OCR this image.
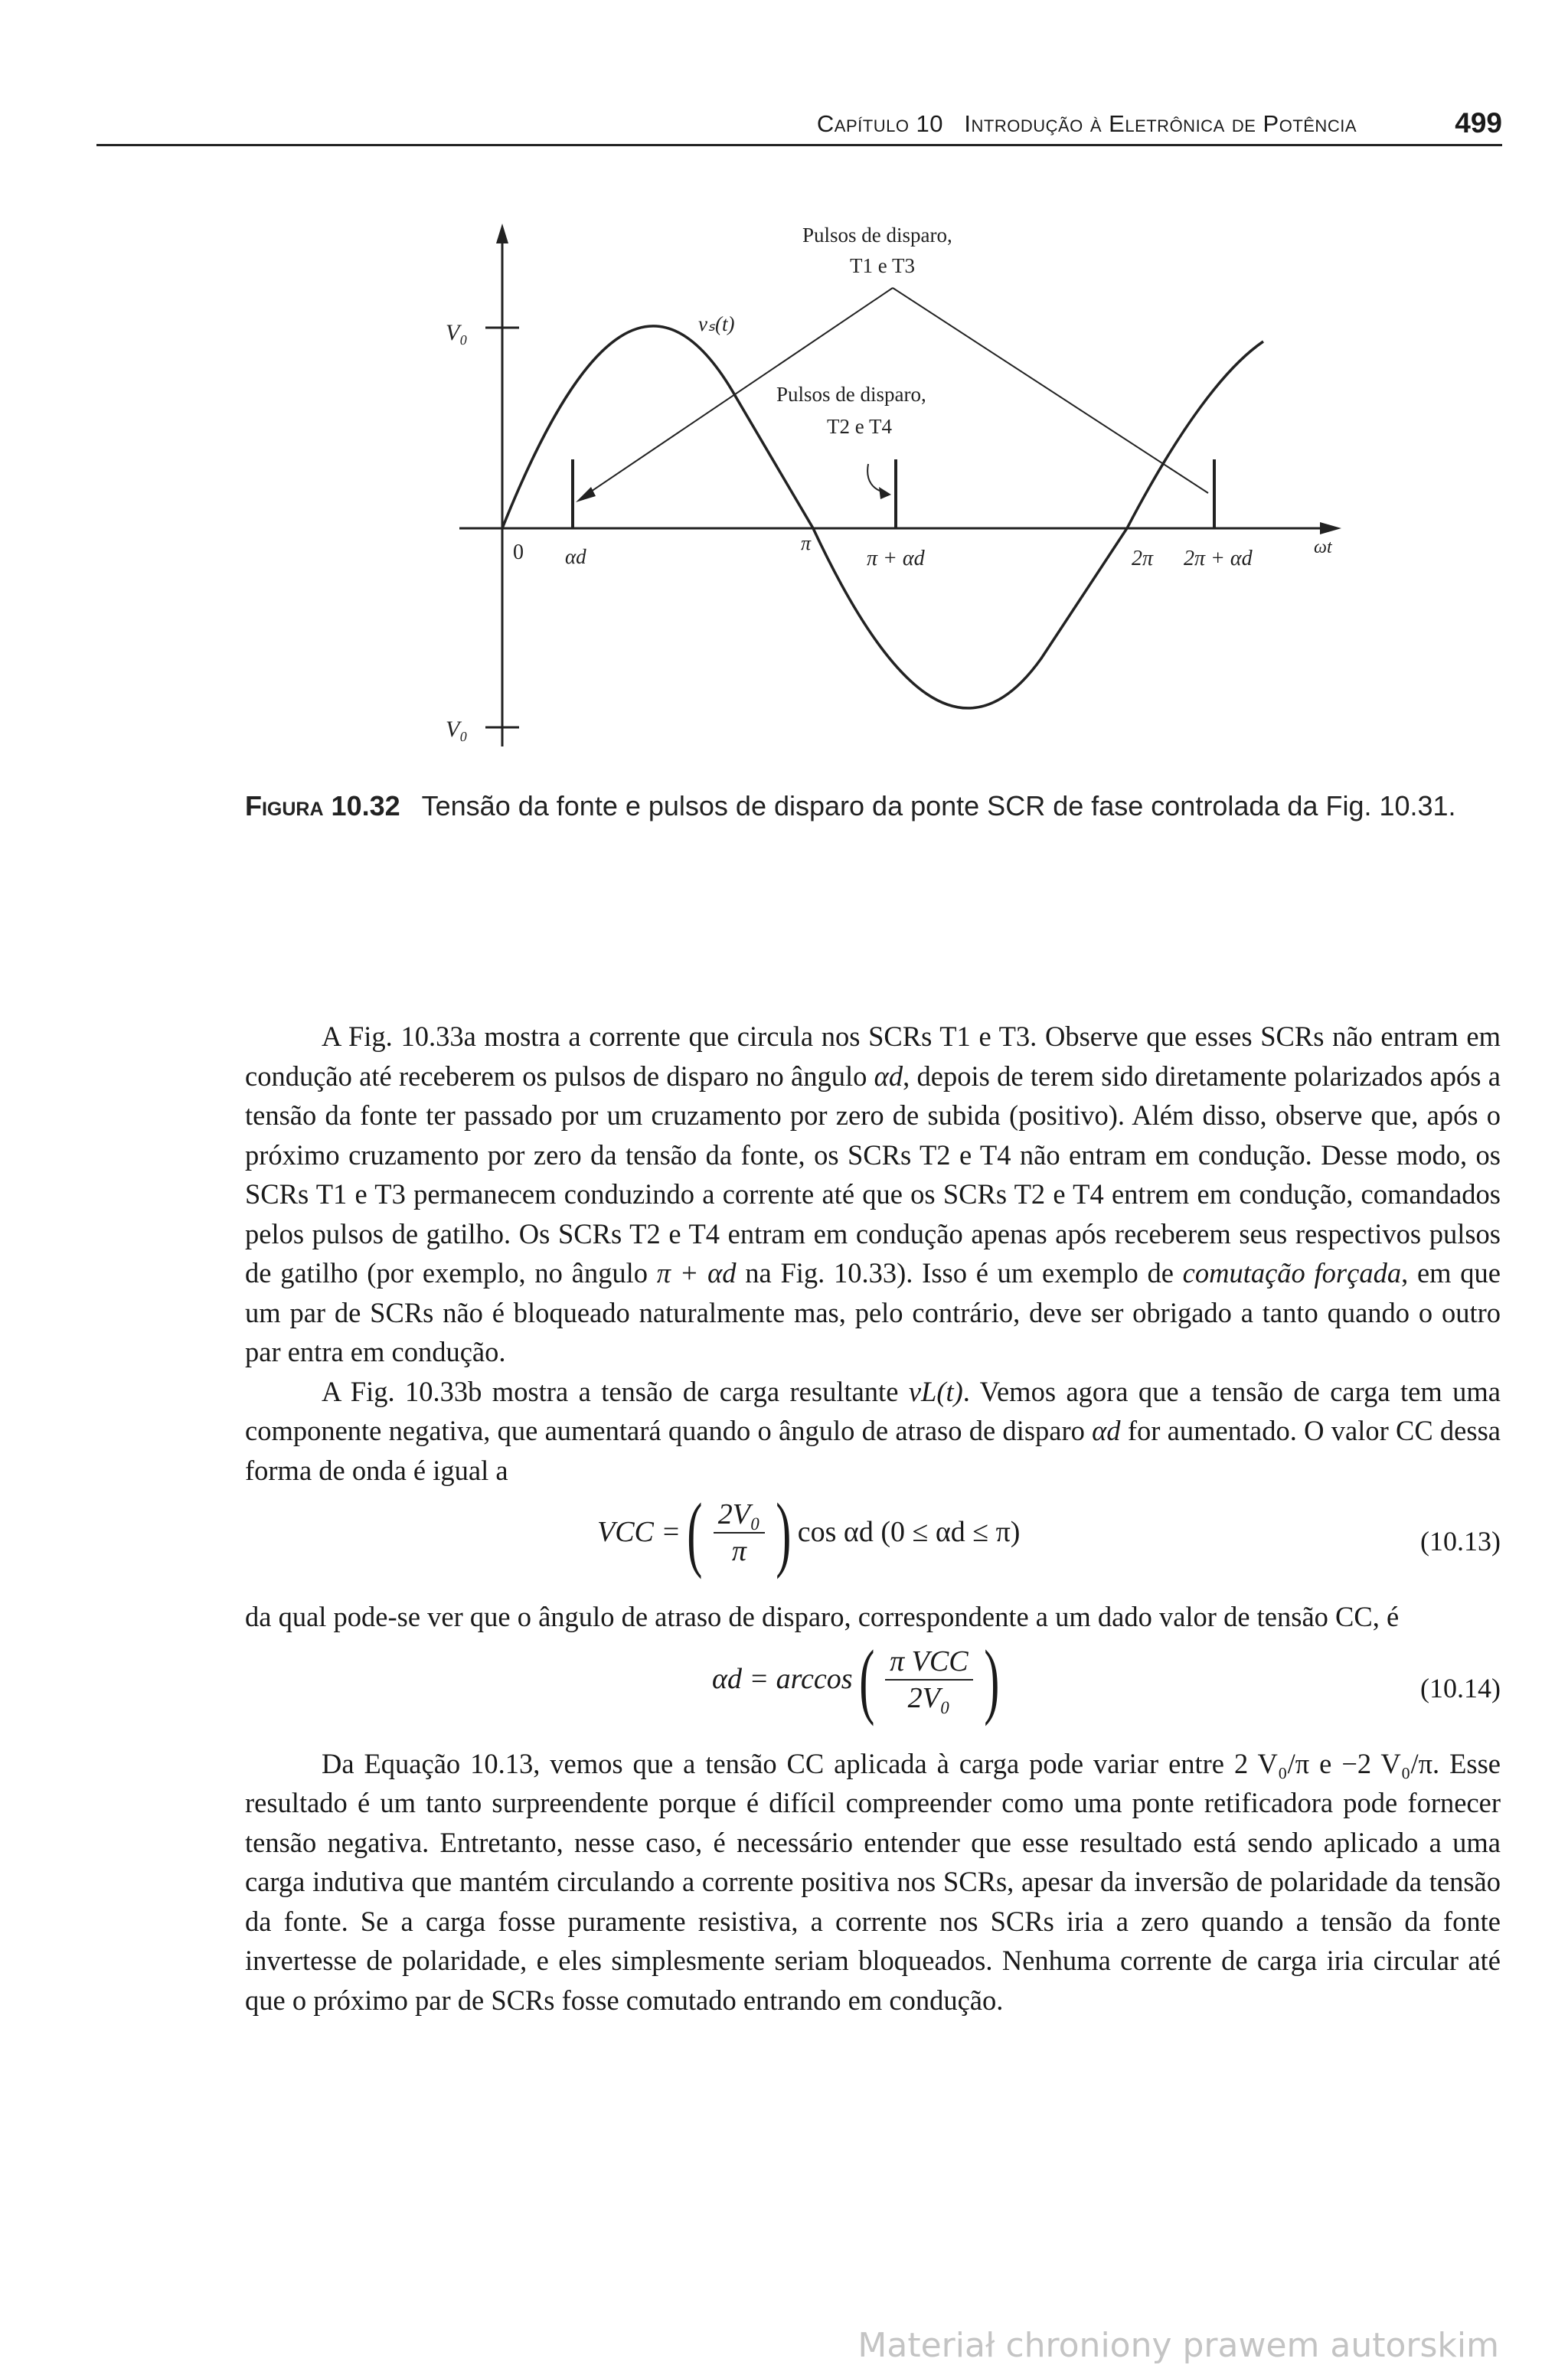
Capítulo 10 Introdução à Eletrônica de Potência	499
V₀
V₀
vₛ(t)
Pulsos de disparo,
T1 e T3
Pulsos de disparo,
T2 e T4
0 αd
π
π + αd	2π 2π + αd	ωt
Figura 10.32 Tensão da fonte e pulsos de disparo da ponte SCR de fase controlada da Fig. 10.31.

A Fig. 10.33a mostra a corrente que circula nos SCRs T1 e T3. Observe que esses SCRs não entram em condução até receberem os pulsos de disparo no ângulo αd, depois de terem sido diretamente polarizados após a tensão da fonte ter passado por um cruzamento por zero de subida (positivo). Além disso, observe que, após o próximo cruzamento por zero da tensão da fonte, os SCRs T2 e T4 não entram em condução. Desse modo, os SCRs T1 e T3 permanecem conduzindo a corrente até que os SCRs T2 e T4 entrem em condução, comandados pelos pulsos de gatilho. Os SCRs T2 e T4 entram em condução apenas após receberem seus respectivos pulsos de gatilho (por exemplo, no ângulo π + αd na Fig. 10.33). Isso é um exemplo de comutação forçada, em que um par de SCRs não é bloqueado naturalmente mas, pelo contrário, deve ser obrigado a tanto quando o outro par entra em condução.

A Fig. 10.33b mostra a tensão de carga resultante vL(t). Vemos agora que a tensão de carga tem uma componente negativa, que aumentará quando o ângulo de atraso de disparo αd for aumentado. O valor CC dessa forma de onda é igual a

VCC = ( $\frac{\text{2V₀}}{\pi}$ ) cos αd (0 ≤ αd ≤ π)	(10.13)

da qual pode-se ver que o ângulo de atraso de disparo, correspondente a um dado valor de tensão CC, é

αd = arccos ( $\frac{\text{π VCC}}{\text{2V₀}}$ )	(10.14)

Da Equação 10.13, vemos que a tensão CC aplicada à carga pode variar entre 2 V₀/π e −2 V₀/π. Esse resultado é um tanto surpreendente porque é difícil compreender como uma ponte retificadora pode fornecer tensão negativa. Entretanto, nesse caso, é necessário entender que esse resultado está sendo aplicado a uma carga indutiva que mantém circulando a corrente positiva nos SCRs, apesar da inversão de polaridade da tensão da fonte. Se a carga fosse puramente resistiva, a corrente nos SCRs iria a zero quando a tensão da fonte invertesse de polaridade, e eles simplesmente seriam bloqueados. Nenhuma corrente de carga iria circular até que o próximo par de SCRs fosse comutado entrando em condução.

Materiał chroniony prawem autorskim
